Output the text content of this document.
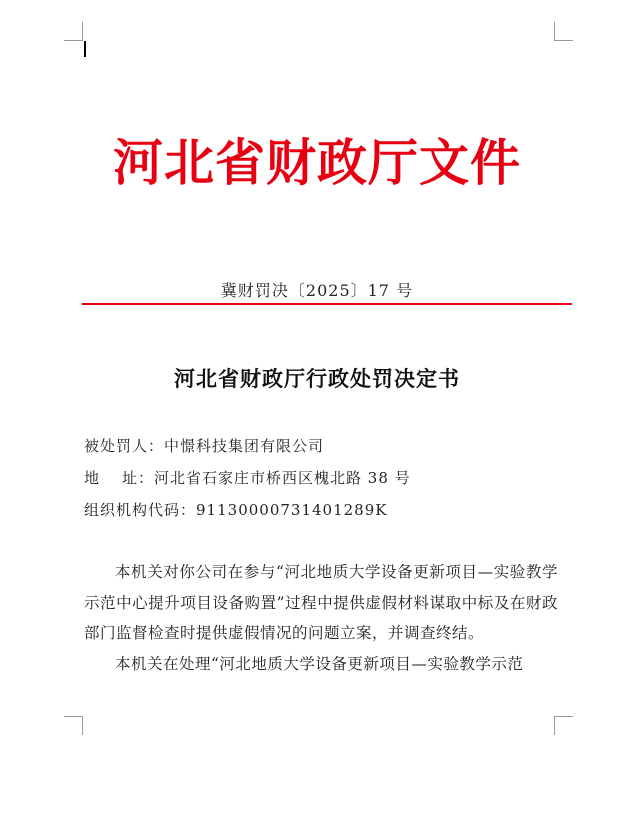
河北省财政厅文件
冀财罚决〔2025〕17 号
河北省财政厅行政处罚决定书
被处罚人：中憬科技集团有限公司
地 址： 河北省石家庄市桥西区槐北路 38 号
组织机构代码：91130000731401289K

本机关对你公司在参与“河北地质大学设备更新项目—实验教学示范中心提升项目设备购置”过程中提供虚假材料谋取中标及在财政部门监督检查时提供虚假情况的问题立案，并调查终结。

本机关在处理“河北地质大学设备更新项目—实验教学示范
